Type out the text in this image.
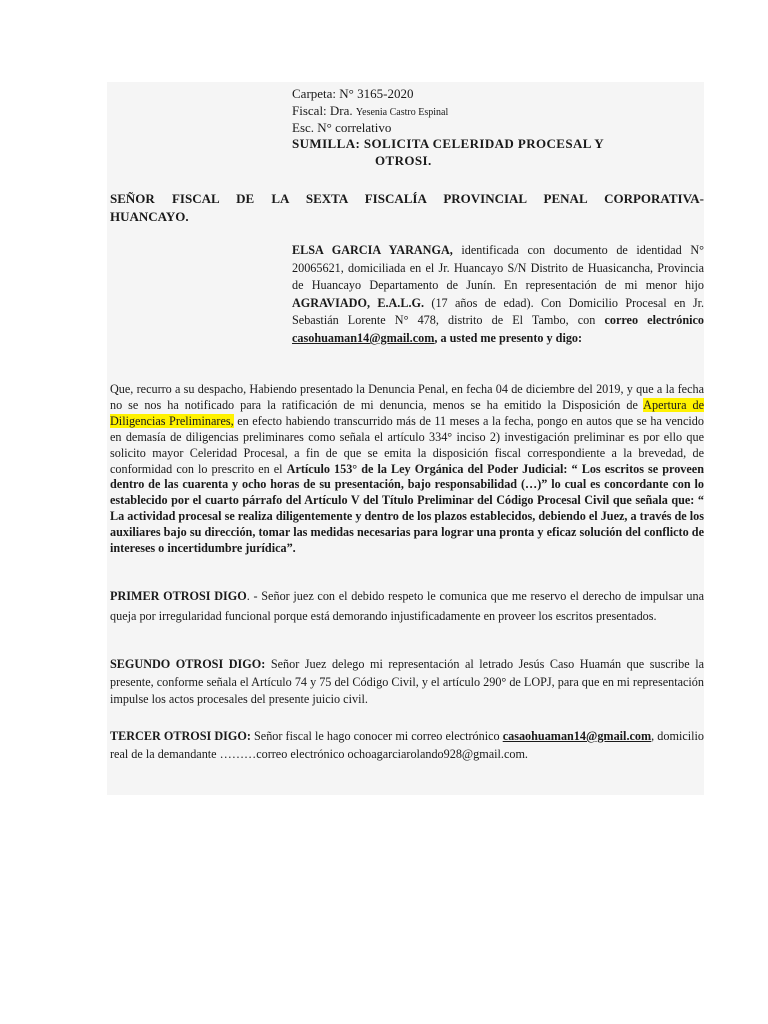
Carpeta: N° 3165-2020
Fiscal: Dra. Yesenia Castro Espinal
Esc. N° correlativo
SUMILLA: SOLICITA CELERIDAD PROCESAL Y
OTROSI.
SEÑOR FISCAL DE LA SEXTA FISCALÍA PROVINCIAL PENAL CORPORATIVA-
HUANCAYO.
ELSA GARCIA YARANGA, identificada con documento de identidad N° 20065621, domiciliada en el Jr. Huancayo S/N Distrito de Huasicancha, Provincia de Huancayo Departamento de Junín. En representación de mi menor hijo AGRAVIADO, E.A.L.G. (17 años de edad). Con Domicilio Procesal en Jr. Sebastián Lorente N° 478, distrito de El Tambo, con correo electrónico casohuaman14@gmail.com, a usted me presento y digo:
Que, recurro a su despacho, Habiendo presentado la Denuncia Penal, en fecha 04 de diciembre del 2019, y que a la fecha no se nos ha notificado para la ratificación de mi denuncia, menos se ha emitido la Disposición de Apertura de Diligencias Preliminares, en efecto habiendo transcurrido más de 11 meses a la fecha, pongo en autos que se ha vencido en demasía de diligencias preliminares como señala el artículo 334° inciso 2) investigación preliminar es por ello que solicito mayor Celeridad Procesal, a fin de que se emita la disposición fiscal correspondiente a la brevedad, de conformidad con lo prescrito en el Artículo 153° de la Ley Orgánica del Poder Judicial: “ Los escritos se proveen dentro de las cuarenta y ocho horas de su presentación, bajo responsabilidad (…)” lo cual es concordante con lo establecido por el cuarto párrafo del Artículo V del Título Preliminar del Código Procesal Civil que señala que: “ La actividad procesal se realiza diligentemente y dentro de los plazos establecidos, debiendo el Juez, a través de los auxiliares bajo su dirección, tomar las medidas necesarias para lograr una pronta y eficaz solución del conflicto de intereses o incertidumbre jurídica”.
PRIMER OTROSI DIGO. - Señor juez con el debido respeto le comunica que me reservo el derecho de impulsar una queja por irregularidad funcional porque está demorando injustificadamente en proveer los escritos presentados.
SEGUNDO OTROSI DIGO: Señor Juez delego mi representación al letrado Jesús Caso Huamán que suscribe la presente, conforme señala el Artículo 74 y 75 del Código Civil, y el artículo 290° de LOPJ, para que en mi representación impulse los actos procesales del presente juicio civil.
TERCER OTROSI DIGO: Señor fiscal le hago conocer mi correo electrónico casaohuaman14@gmail.com, domicilio real de la demandante ………correo electrónico ochoagarciarolando928@gmail.com.
